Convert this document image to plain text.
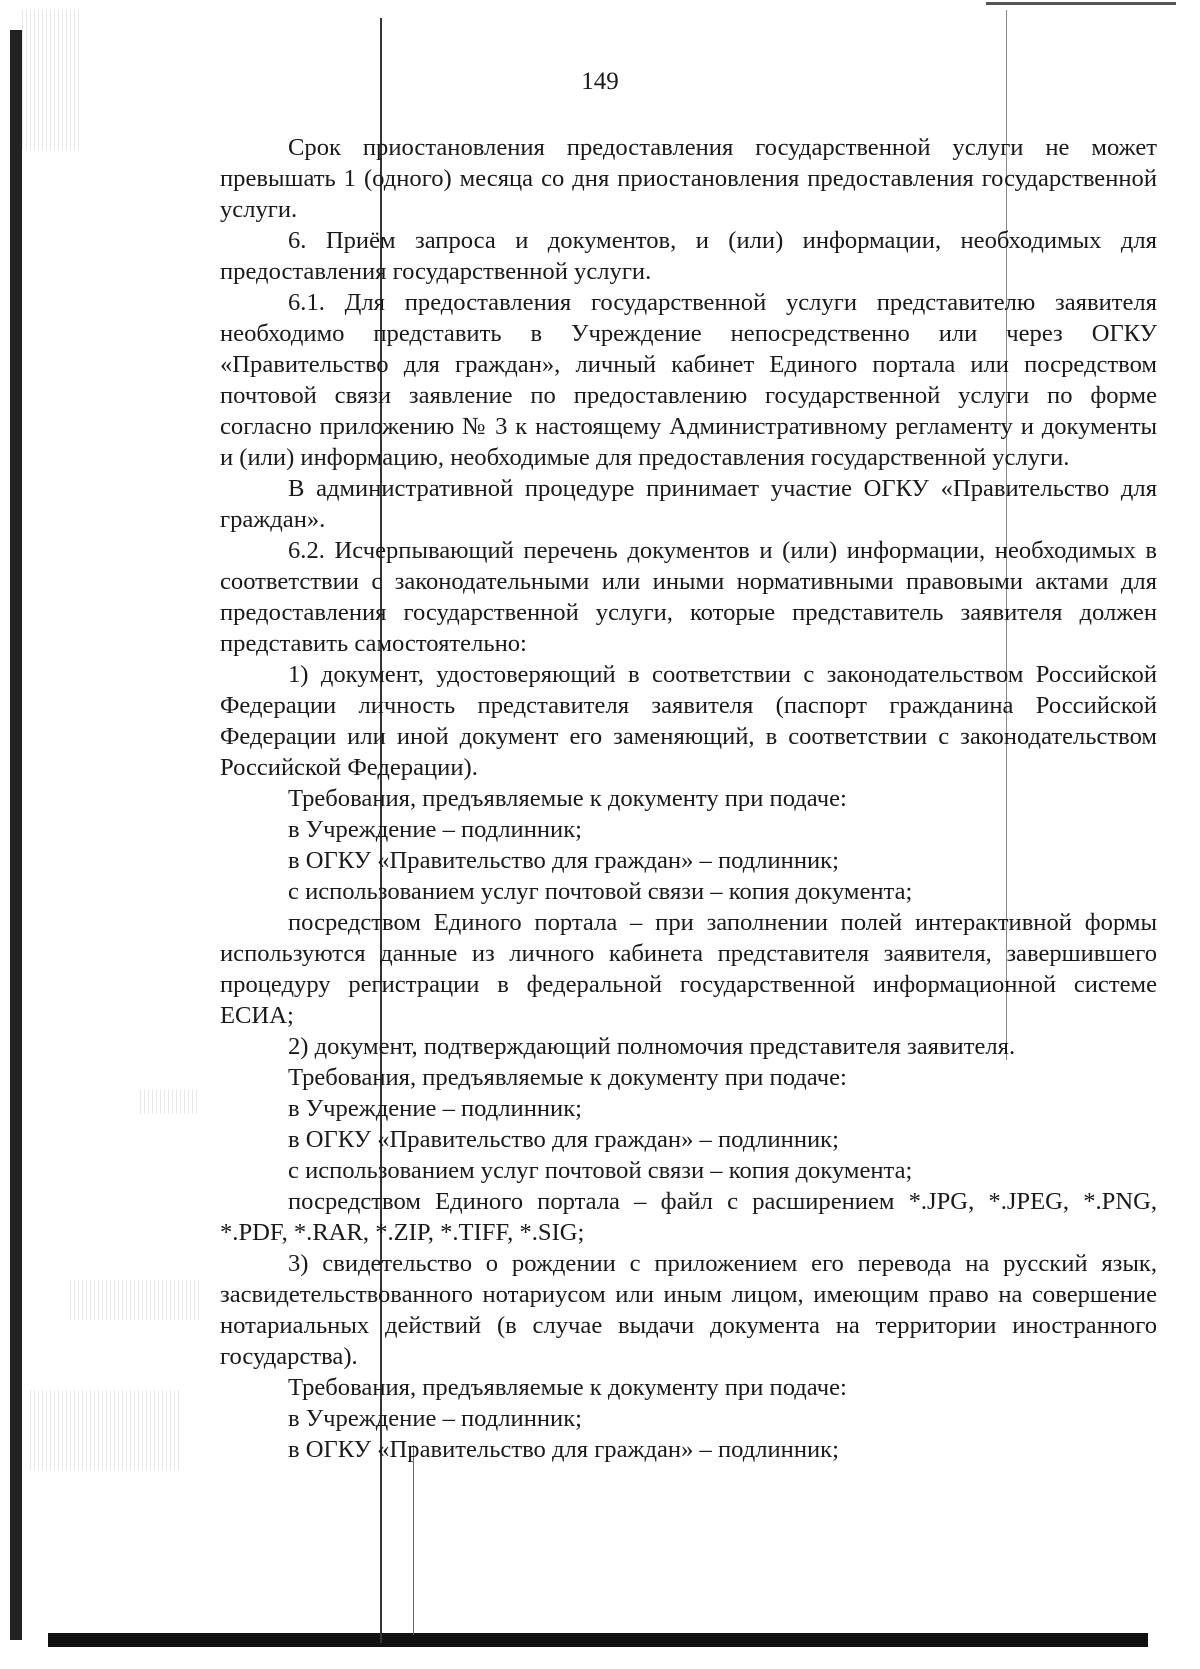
149

Срок приостановления предоставления государственной услуги не может превышать 1 (одного) месяца со дня приостановления предоставления государственной услуги.

6. Приём запроса и документов, и (или) информации, необходимых для предоставления государственной услуги.

6.1. Для предоставления государственной услуги представителю заявителя необходимо представить в Учреждение непосредственно или через ОГКУ «Правительство для граждан», личный кабинет Единого портала или посредством почтовой связи заявление по предоставлению государственной услуги по форме согласно приложению № 3 к настоящему Административному регламенту и документы и (или) информацию, необходимые для предоставления государственной услуги.

В административной процедуре принимает участие ОГКУ «Правительство для граждан».

6.2. Исчерпывающий перечень документов и (или) информации, необходимых в соответствии с законодательными или иными нормативными правовыми актами для предоставления государственной услуги, которые представитель заявителя должен представить самостоятельно:

1) документ, удостоверяющий в соответствии с законодательством Российской Федерации личность представителя заявителя (паспорт гражданина Российской Федерации или иной документ его заменяющий, в соответствии с законодательством Российской Федерации).

Требования, предъявляемые к документу при подаче:

в Учреждение – подлинник;

в ОГКУ «Правительство для граждан» – подлинник;

с использованием услуг почтовой связи – копия документа;

посредством Единого портала – при заполнении полей интерактивной формы используются данные из личного кабинета представителя заявителя, завершившего процедуру регистрации в федеральной государственной информационной системе ЕСИА;

2) документ, подтверждающий полномочия представителя заявителя.

Требования, предъявляемые к документу при подаче:

в Учреждение – подлинник;

в ОГКУ «Правительство для граждан» – подлинник;

с использованием услуг почтовой связи – копия документа;

посредством Единого портала – файл с расширением *.JPG, *.JPEG, *.PNG, *.PDF, *.RAR, *.ZIP, *.TIFF, *.SIG;

3) свидетельство о рождении с приложением его перевода на русский язык, засвидетельствованного нотариусом или иным лицом, имеющим право на совершение нотариальных действий (в случае выдачи документа на территории иностранного государства).

Требования, предъявляемые к документу при подаче:

в Учреждение – подлинник;

в ОГКУ «Правительство для граждан» – подлинник;
